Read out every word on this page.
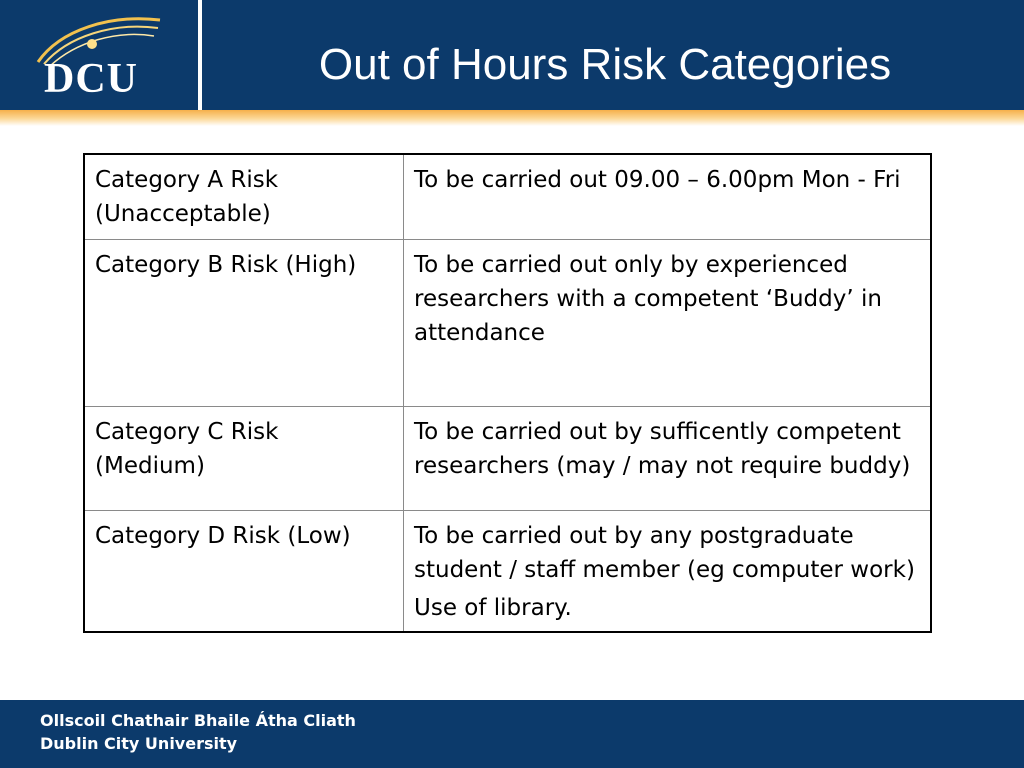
DCU	Out of Hours Risk Categories
Category A Risk (Unacceptable)	To be carried out 09.00 – 6.00pm Mon - Fri
Category B Risk (High)	To be carried out only by experienced researchers with a competent ‘Buddy’ in attendance
Category C Risk (Medium)	To be carried out by sufficently competent researchers (may / may not require buddy)
Category D Risk (Low)	To be carried out by any postgraduate student / staff member (eg computer work)
Use of library.
Ollscoil Chathair Bhaile Átha Cliath
Dublin City University
